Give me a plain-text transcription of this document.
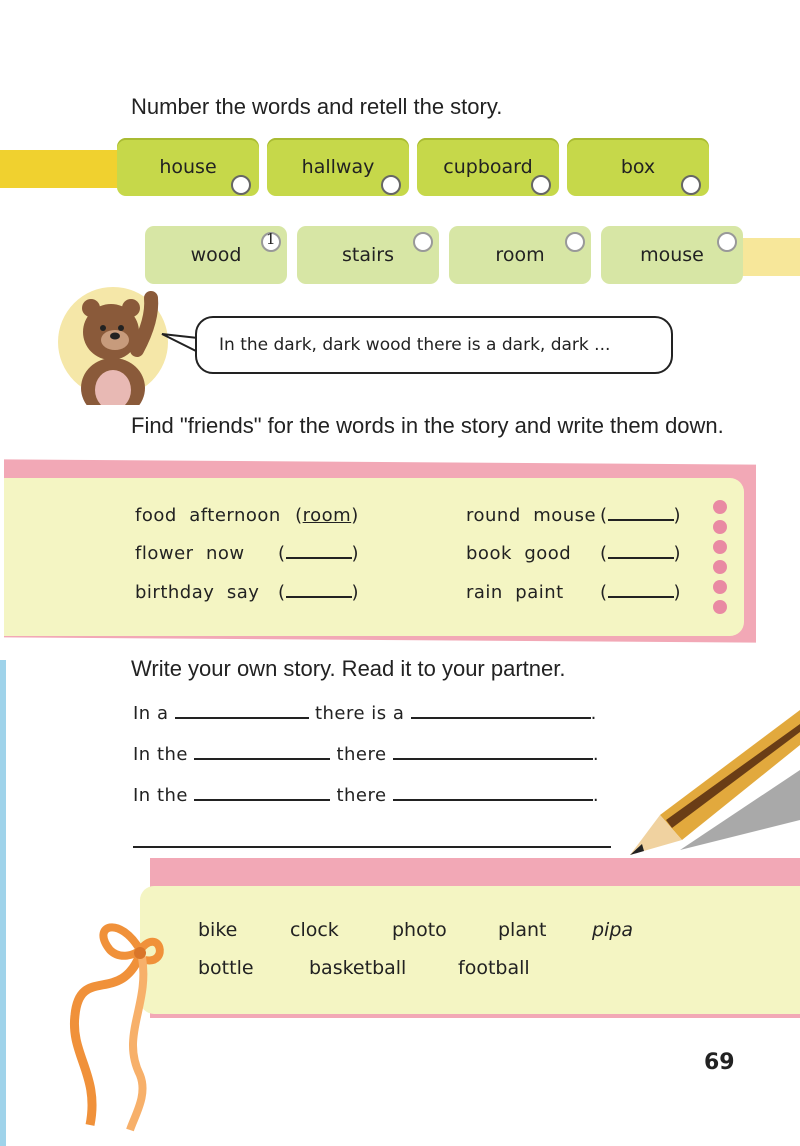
Number the words and retell the story.
house	hallway	cupboard	box
wood
1
stairs	room	mouse
In the dark, dark wood there is a dark, dark ...
Find "friends" for the words in the story and write them down.
food  afternoon (room)
flower  now (	)
birthday  say (	)
round  mouse (	)
book  good (	)
rain  paint (	)
Write your own story. Read it to your partner.
In a	there is a	.
In the	there	.
In the	there	.
bike	clock	photo	plant pipa
bottle	basketball	football
69
